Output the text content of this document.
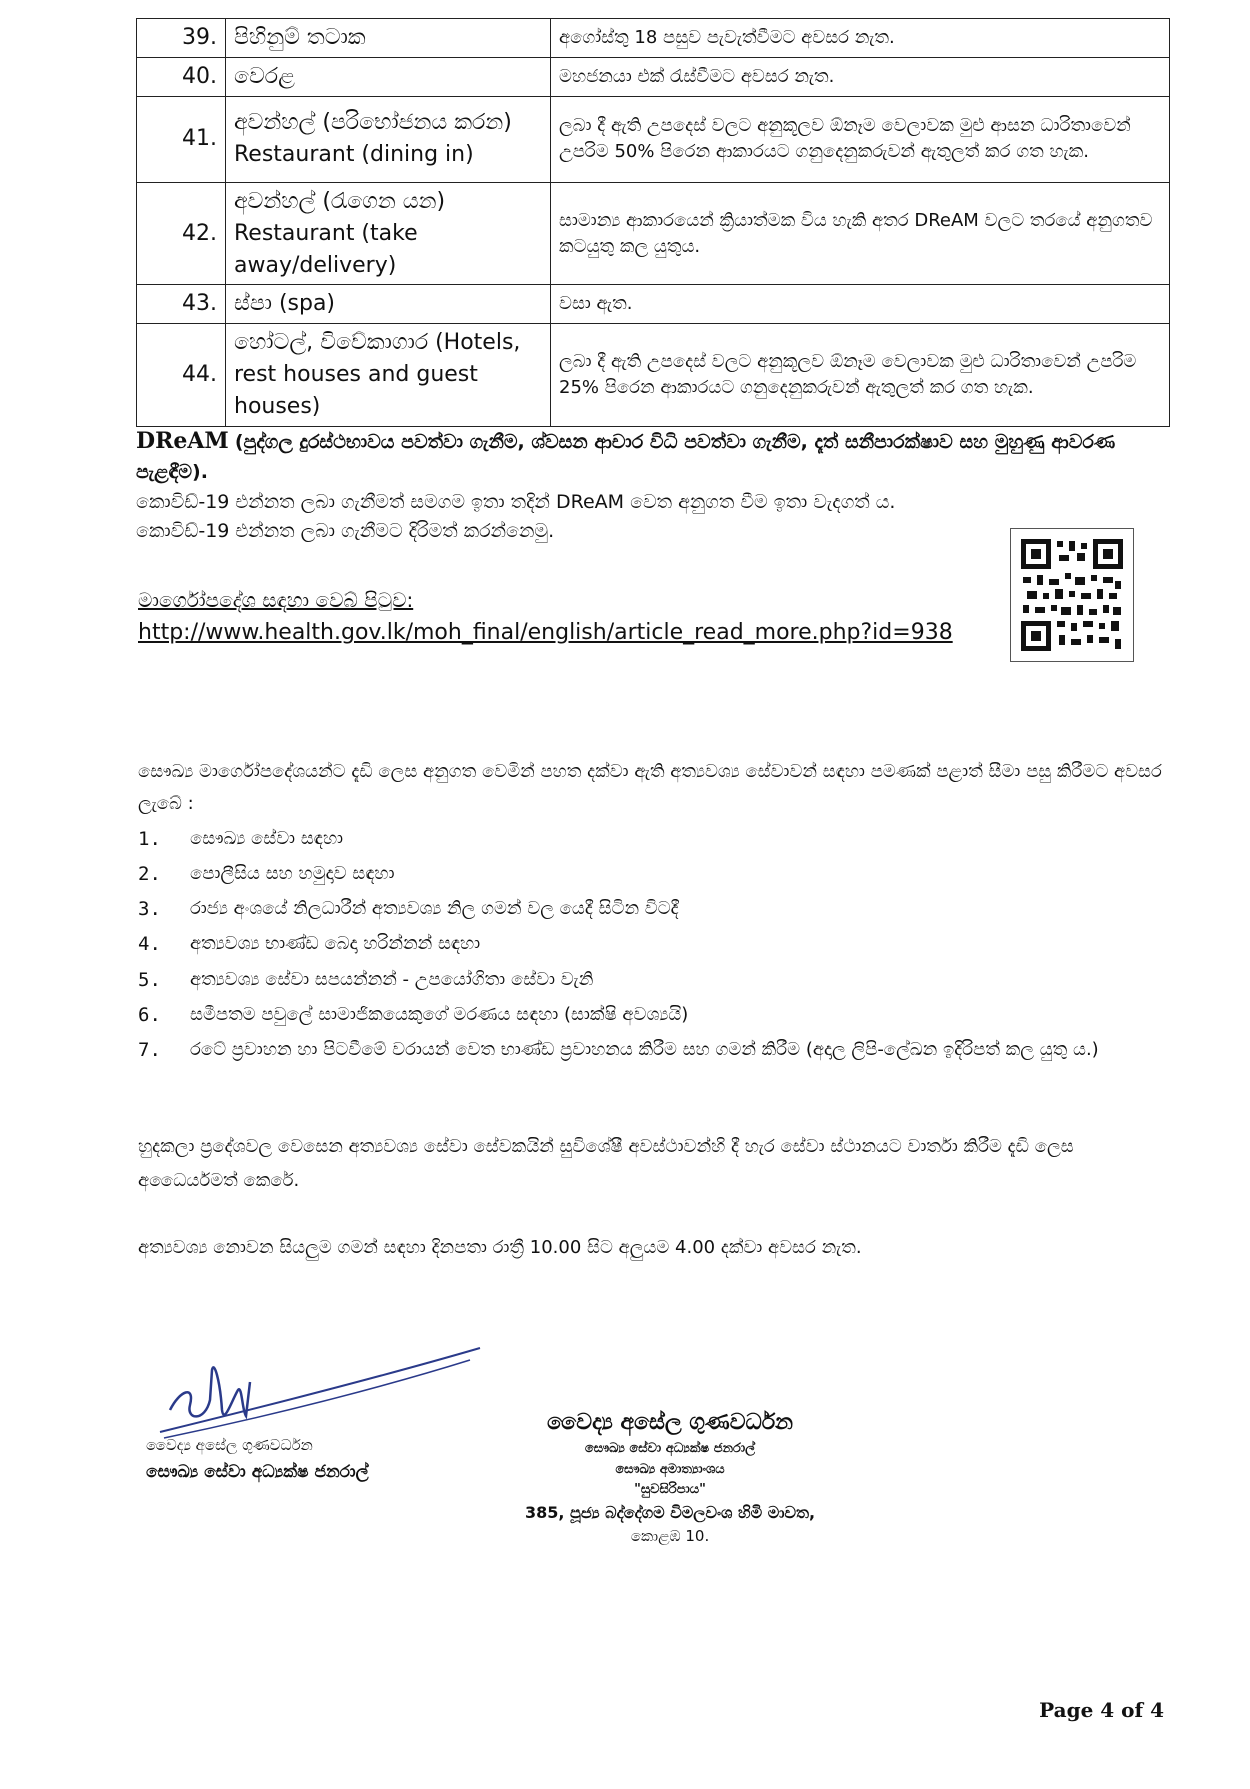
39.	පිහිනුම් තටාක	අගෝස්තු 18 පසුව පැවැත්වීමට අවසර නැත.
40.	වෙරළ	මහජනයා එක් රැස්වීමට අවසර නැත.
41.	අවන්හල් (පරිභෝජනය කරන) Restaurant (dining in)	ලබා දී ඇති උපදෙස් වලට අනුකූලව ඕනෑම වෙලාවක මුළු ආසන ධාරිතාවෙන් උපරිම 50% පිරෙන ආකාරයට ගනුදෙනුකරුවන් ඇතුලත් කර ගත හැක.
42.	අවන්හල් (රැගෙන යන) Restaurant (take away/delivery)	සාමාන්‍ය ආකාරයෙන් ක්‍රියාත්මක විය හැකි අතර DReAM වලට තරයේ අනුගතව කටයුතු කල යුතුය.
43.	ස්පා (spa)	වසා ඇත.
44.	හෝටල්, විවේකාගාර (Hotels, rest houses and guest houses)	ලබා දී ඇති උපදෙස් වලට අනුකූලව ඕනෑම වෙලාවක මුළු ධාරිතාවෙන් උපරිම 25% පිරෙන ආකාරයට ගනුදෙනුකරුවන් ඇතුලත් කර ගත හැක.
DReAM (පුද්ගල දුරස්ථභාවය පවත්වා ගැනීම, ශ්වසන ආචාර විධි පවත්වා ගැනීම, දෑත් සනීපාරක්ෂාව සහ මුහුණු ආවරණ පැළඳීම).
කොවිඩ්-19 එන්නත ලබා ගැනීමත් සමගම ඉතා තදින් DReAM වෙත අනුගත වීම ඉතා වැදගත් ය.
කොවිඩ්-19 එන්නත ලබා ගැනීමට දිරිමත් කරන්නෙමු.
මාර්ගෝපදේශ සඳහා වෙබ් පිටුව:
http://www.health.gov.lk/moh_final/english/article_read_more.php?id=938
සෞඛ්‍ය මාර්ගෝපදේශයන්ට දැඩි ලෙස අනුගත වෙමින් පහත දක්වා ඇති අත්‍යවශ්‍ය සේවාවන් සඳහා පමණක් පළාත් සීමා පසු කිරීමට අවසර ලැබේ :
1.	සෞඛ්‍ය සේවා සඳහා
2.	පොලීසිය සහ හමුදාව සඳහා
3.	රාජ්‍ය අංශයේ නිලධාරීන් අත්‍යවශ්‍ය නිල ගමන් වල යෙදී සිටින විටදී
4.	අත්‍යවශ්‍ය භාණ්ඩ බෙදා හරින්නන් සඳහා
5.	අත්‍යවශ්‍ය සේවා සපයන්නන් - උපයෝගිතා සේවා වැනි
6.	සමීපතම පවුලේ සාමාජිකයෙකුගේ මරණය සඳහා (සාක්ෂි අවශ්‍යයි)
7.	රටේ ප්‍රවාහන හා පිටවීමේ වරායන් වෙත භාණ්ඩ ප්‍රවාහනය කිරීම සහ ගමන් කිරීම (අදාල ලිපි-ලේඛන ඉදිරිපත් කල යුතු ය.)
හුදකලා ප්‍රදේශවල වෙසෙන අත්‍යවශ්‍ය සේවා සේවකයින් සුවිශේෂී අවස්ථාවන්හි දී හැර සේවා ස්ථානයට වාර්තා කිරීම දැඩි ලෙස අධෛර්යමත් කෙරේ.
අත්‍යවශ්‍ය නොවන සියලුම ගමන් සඳහා දිනපතා රාත්‍රී 10.00 සිට අලුයම 4.00 දක්වා අවසර නැත.
වෛද්‍ය අසේල ගුණවර්ධන
සෞඛ්‍ය සේවා අධ්‍යක්ෂ ජනරාල්
වෛද්‍ය අසේල ගුණවර්ධන
සෞඛ්‍ය සේවා අධ්‍යක්ෂ ජනරාල්
සෞඛ්‍ය අමාත්‍යාංශය
"සුවසිරිපාය"
385, පූජ්‍ය බද්දේගම විමලවංශ හිමි මාවත,
කොළඹ 10.
Page 4 of 4
